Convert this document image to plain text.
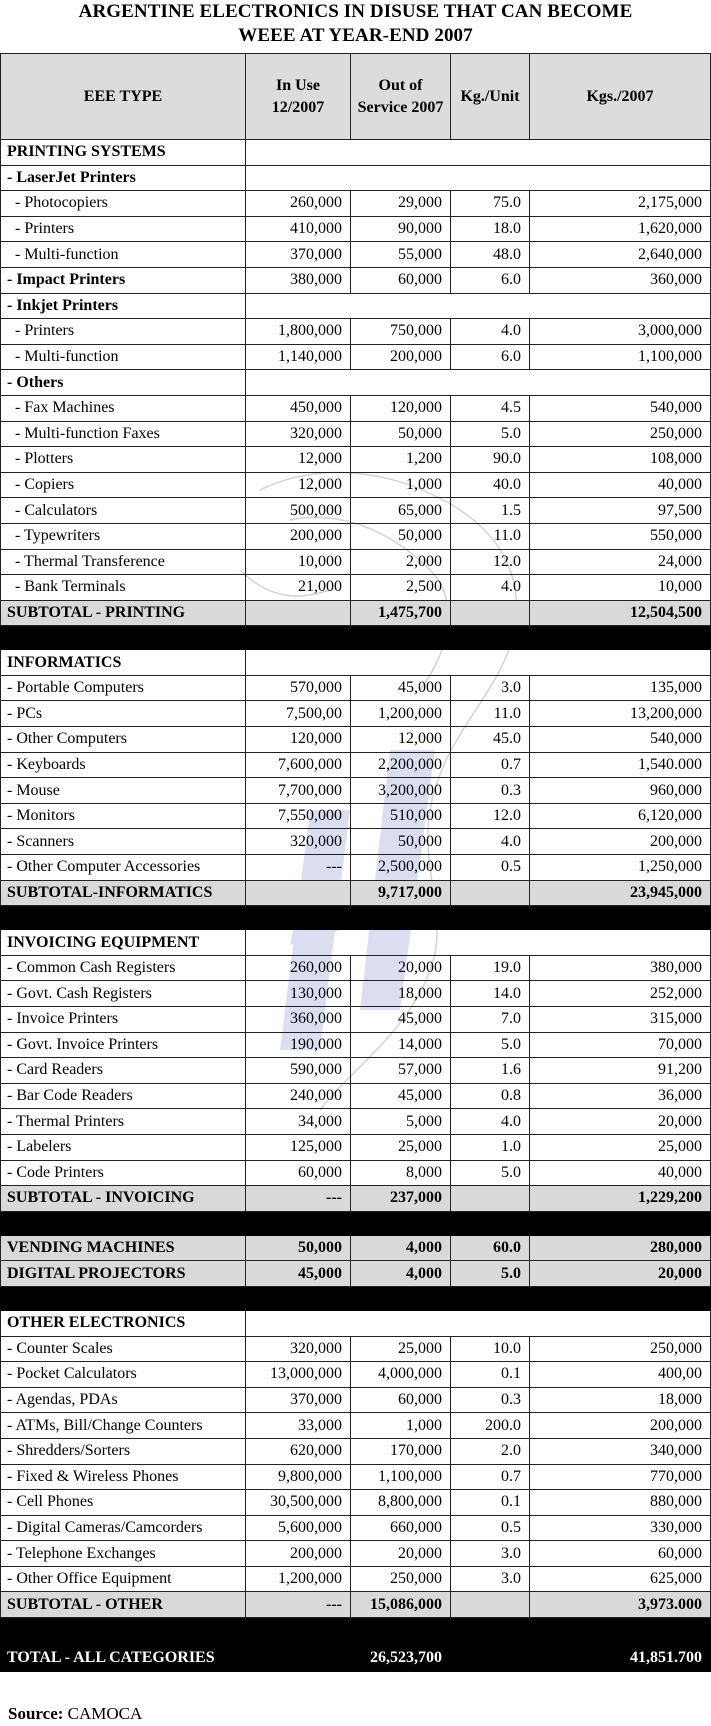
ARGENTINE ELECTRONICS IN DISUSE THAT CAN BECOME
WEEE AT YEAR-END 2007
EEE TYPE	In Use 12/2007	Out of Service 2007	Kg./Unit	Kgs./2007
PRINTING SYSTEMS				
- LaserJet Printers				
- Photocopiers	260,000	29,000	75.0	2,175,000
- Printers	410,000	90,000	18.0	1,620,000
- Multi-function	370,000	55,000	48.0	2,640,000
- Impact Printers	380,000	60,000	6.0	360,000
- Inkjet Printers				
- Printers	1,800,000	750,000	4.0	3,000,000
- Multi-function	1,140,000	200,000	6.0	1,100,000
- Others				
- Fax Machines	450,000	120,000	4.5	540,000
- Multi-function Faxes	320,000	50,000	5.0	250,000
- Plotters	12,000	1,200	90.0	108,000
- Copiers	12,000	1,000	40.0	40,000
- Calculators	500,000	65,000	1.5	97,500
- Typewriters	200,000	50,000	11.0	550,000
- Thermal Transference	10,000	2,000	12.0	24,000
- Bank Terminals	21,000	2,500	4.0	10,000
SUBTOTAL - PRINTING		1,475,700		12,504,500

INFORMATICS				
- Portable Computers	570,000	45,000	3.0	135,000
- PCs	7,500,00	1,200,000	11.0	13,200,000
- Other Computers	120,000	12,000	45.0	540,000
- Keyboards	7,600,000	2,200,000	0.7	1,540.000
- Mouse	7,700,000	3,200,000	0.3	960,000
- Monitors	7,550,000	510,000	12.0	6,120,000
- Scanners	320,000	50,000	4.0	200,000
- Other Computer Accessories	---	2,500,000	0.5	1,250,000
SUBTOTAL-INFORMATICS		9,717,000		23,945,000

INVOICING EQUIPMENT				
- Common Cash Registers	260,000	20,000	19.0	380,000
- Govt. Cash Registers	130,000	18,000	14.0	252,000
- Invoice Printers	360,000	45,000	7.0	315,000
- Govt. Invoice Printers	190,000	14,000	5.0	70,000
- Card Readers	590,000	57,000	1.6	91,200
- Bar Code Readers	240,000	45,000	0.8	36,000
- Thermal Printers	34,000	5,000	4.0	20,000
- Labelers	125,000	25,000	1.0	25,000
- Code Printers	60,000	8,000	5.0	40,000
SUBTOTAL - INVOICING	---	237,000		1,229,200

VENDING MACHINES	50,000	4,000	60.0	280,000
DIGITAL PROJECTORS	45,000	4,000	5.0	20,000

OTHER ELECTRONICS				
- Counter Scales	320,000	25,000	10.0	250,000
- Pocket Calculators	13,000,000	4,000,000	0.1	400,00
- Agendas, PDAs	370,000	60,000	0.3	18,000
- ATMs, Bill/Change Counters	33,000	1,000	200.0	200,000
- Shredders/Sorters	620,000	170,000	2.0	340,000
- Fixed & Wireless Phones	9,800,000	1,100,000	0.7	770,000
- Cell Phones	30,500,000	8,800,000	0.1	880,000
- Digital Cameras/Camcorders	5,600,000	660,000	0.5	330,000
- Telephone Exchanges	200,000	20,000	3.0	60,000
- Other Office Equipment	1,200,000	250,000	3.0	625,000
SUBTOTAL - OTHER	---	15,086,000		3,973.000
TOTAL - ALL CATEGORIES		26,523,700		41,851.700
Source: CAMOCA
